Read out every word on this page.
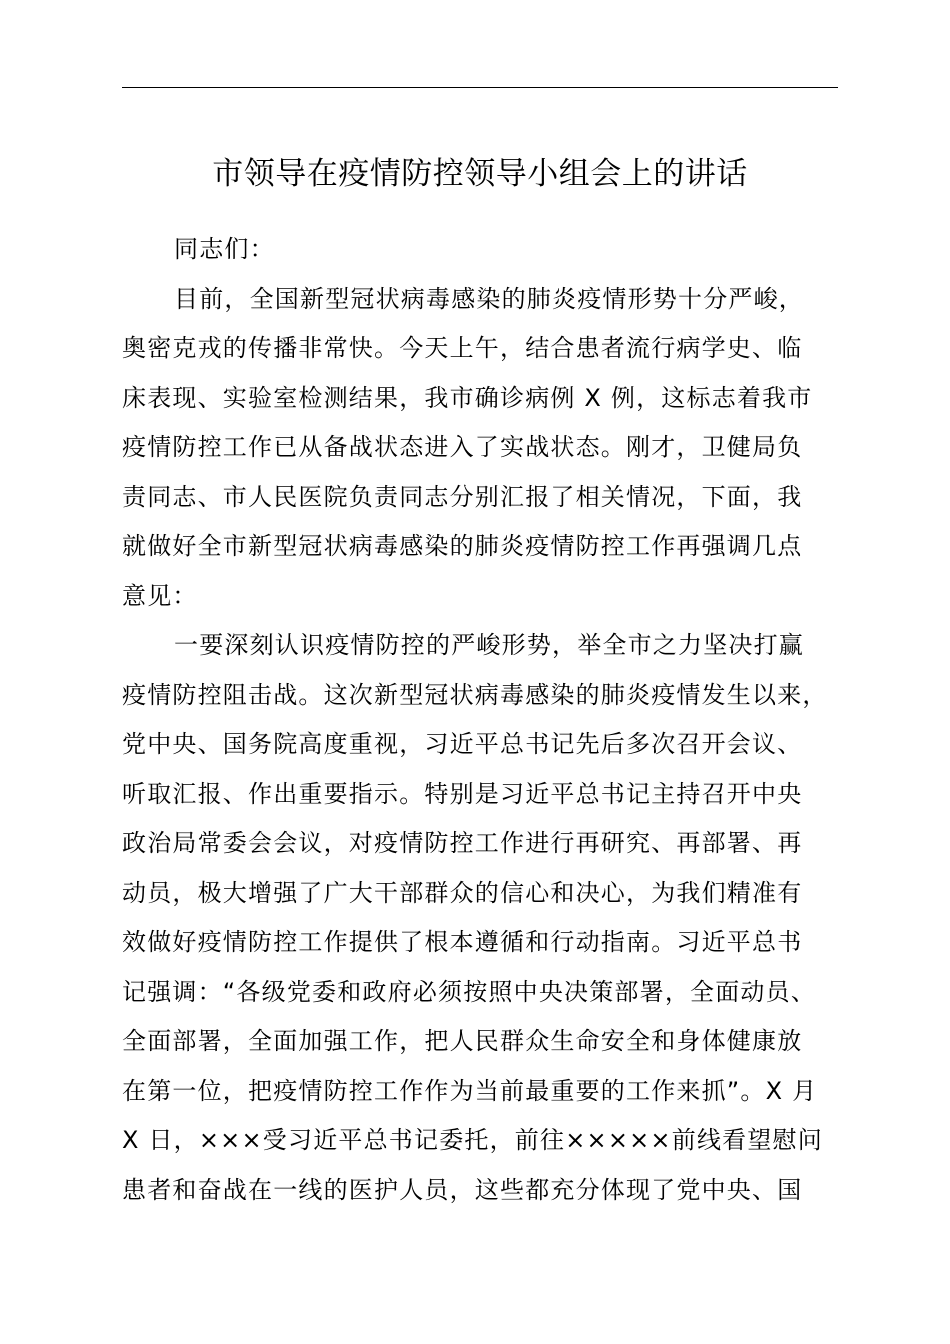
市领导在疫情防控领导小组会上的讲话
同志们：
目前，全国新型冠状病毒感染的肺炎疫情形势十分严峻，
奥密克戎的传播非常快。今天上午，结合患者流行病学史、临
床表现、实验室检测结果，我市确诊病例 X 例，这标志着我市
疫情防控工作已从备战状态进入了实战状态。刚才，卫健局负
责同志、市人民医院负责同志分别汇报了相关情况，下面，我
就做好全市新型冠状病毒感染的肺炎疫情防控工作再强调几点
意见：
一要深刻认识疫情防控的严峻形势，举全市之力坚决打赢
疫情防控阻击战。这次新型冠状病毒感染的肺炎疫情发生以来，
党中央、国务院高度重视，习近平总书记先后多次召开会议、
听取汇报、作出重要指示。特别是习近平总书记主持召开中央
政治局常委会会议，对疫情防控工作进行再研究、再部署、再
动员，极大增强了广大干部群众的信心和决心，为我们精准有
效做好疫情防控工作提供了根本遵循和行动指南。习近平总书
记强调：“各级党委和政府必须按照中央决策部署，全面动员、
全面部署，全面加强工作，把人民群众生命安全和身体健康放
在第一位，把疫情防控工作作为当前最重要的工作来抓”。X 月
X 日，×××受习近平总书记委托，前往×××××前线看望慰问
患者和奋战在一线的医护人员，这些都充分体现了党中央、国
